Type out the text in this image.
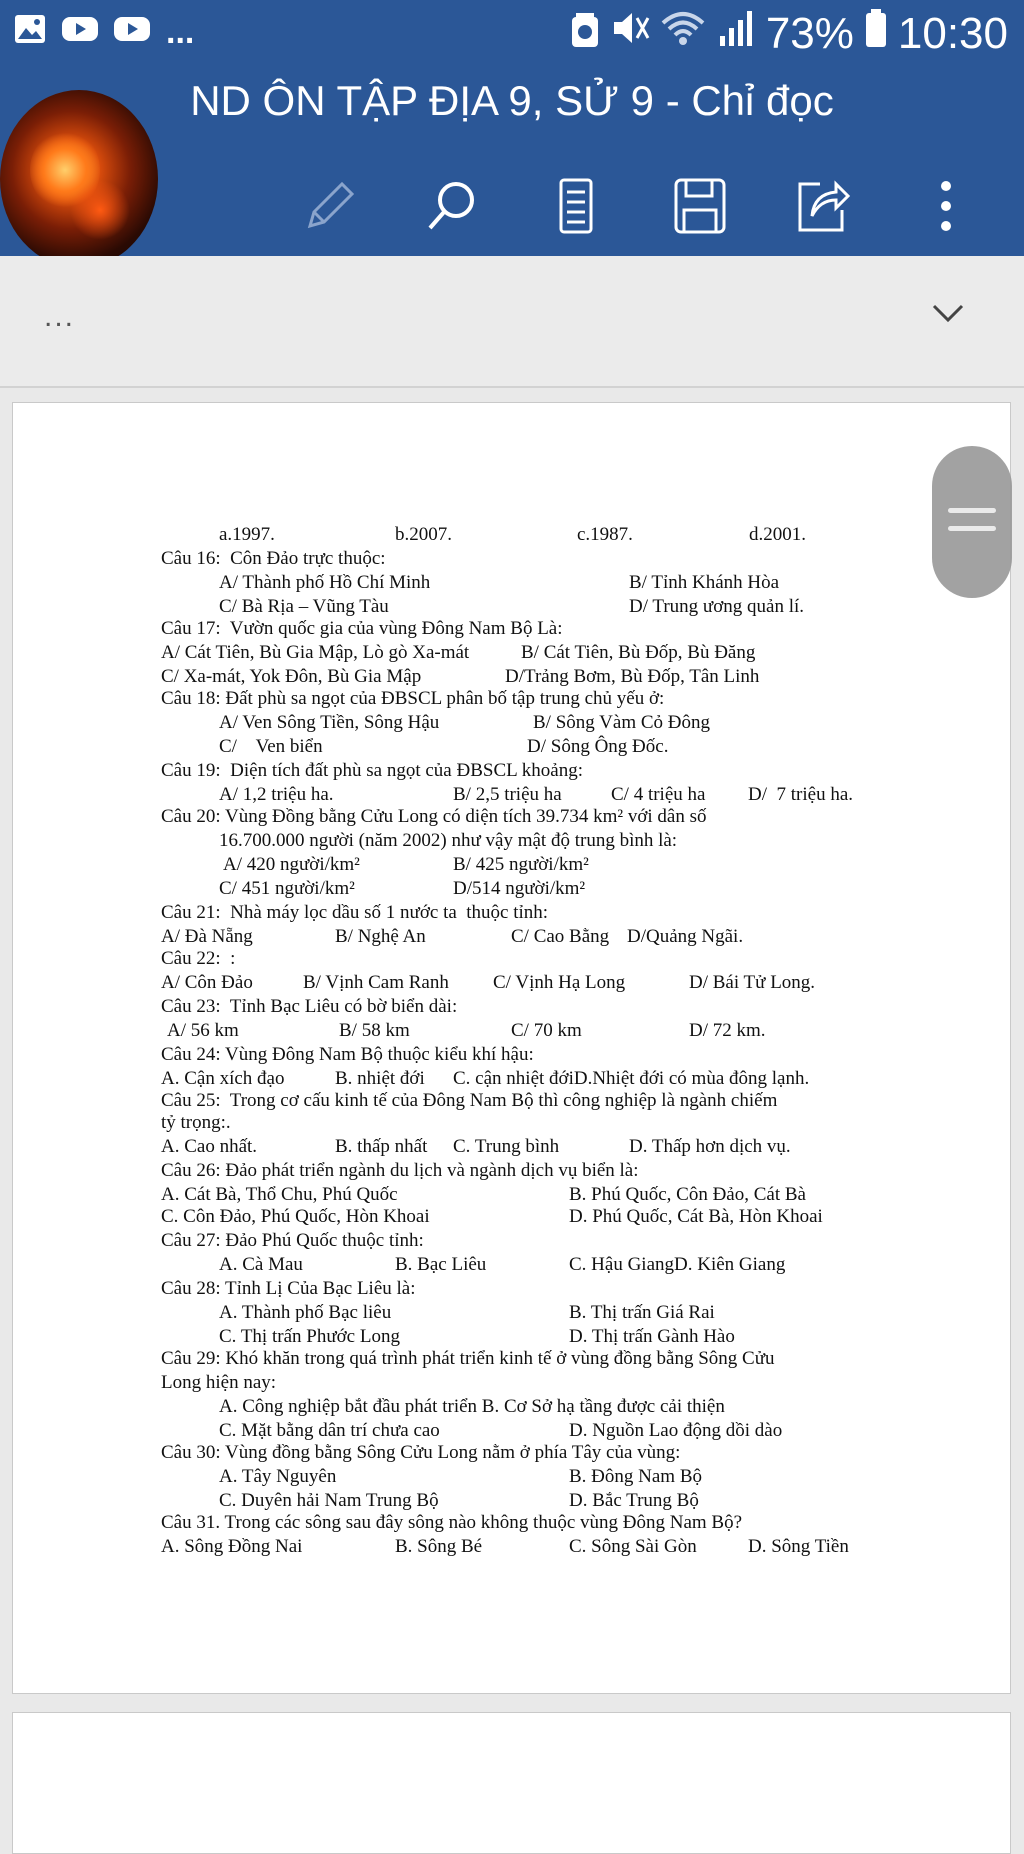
...	73% 10:30
ND ÔN TẬP ĐỊA 9, SỬ 9 - Chỉ đọc
...
a.1997.	b.2007.	c.1987.	d.2001.
Câu 16:  Côn Đảo trực thuộc:
A/ Thành phố Hồ Chí Minh	B/ Tỉnh Khánh Hòa
C/ Bà Rịa – Vũng Tàu	D/ Trung ương quản lí.
Câu 17:  Vườn quốc gia của vùng Đông Nam Bộ Là:
A/ Cát Tiên, Bù Gia Mập, Lò gò Xa-mát	B/ Cát Tiên, Bù Đốp, Bù Đăng
C/ Xa-mát, Yok Đôn, Bù Gia Mập	D/Trảng Bơm, Bù Đốp, Tân Linh
Câu 18: Đất phù sa ngọt của ĐBSCL phân bố tập trung chủ yếu ở:
A/ Ven Sông Tiền, Sông Hậu	B/ Sông Vàm Cỏ Đông
C/    Ven biển	D/ Sông Ông Đốc.
Câu 19:  Diện tích đất phù sa ngọt của ĐBSCL khoảng:
A/ 1,2 triệu ha.	B/ 2,5 triệu ha	C/ 4 triệu ha D/  7 triệu ha.
Câu 20: Vùng Đồng bằng Cửu Long có diện tích 39.734 km² với dân số
16.700.000 người (năm 2002) như vậy mật độ trung bình là:
A/ 420 người/km²	B/ 425 người/km²
C/ 451 người/km²	D/514 người/km²
Câu 21:  Nhà máy lọc dầu số 1 nước ta  thuộc tỉnh:
A/ Đà Nẵng	B/ Nghệ An	C/ Cao Bằng D/Quảng Ngãi.
Câu 22:  :
A/ Côn Đảo	B/ Vịnh Cam Ranh C/ Vịnh Hạ Long	D/ Bái Tử Long.
Câu 23:  Tỉnh Bạc Liêu có bờ biển dài:
A/ 56 km	B/ 58 km	C/ 70 km	D/ 72 km.
Câu 24: Vùng Đông Nam Bộ thuộc kiểu khí hậu:
A. Cận xích đạo	B. nhiệt đới C. cận nhiệt đớiD.Nhiệt đới có mùa đông lạnh.
Câu 25:  Trong cơ cấu kinh tế của Đông Nam Bộ thì công nghiệp là ngành chiếm
tỷ trọng:.
A. Cao nhất.	B. thấp nhất C. Trung bình	D. Thấp hơn dịch vụ.
Câu 26: Đảo phát triển ngành du lịch và ngành dịch vụ biển là:
A. Cát Bà, Thổ Chu, Phú Quốc	B. Phú Quốc, Côn Đảo, Cát Bà
C. Côn Đảo, Phú Quốc, Hòn Khoai	D. Phú Quốc, Cát Bà, Hòn Khoai
Câu 27: Đảo Phú Quốc thuộc tỉnh:
A. Cà Mau	B. Bạc Liêu	C. Hậu GiangD. Kiên Giang
Câu 28: Tỉnh Lị Của Bạc Liêu là:
A. Thành phố Bạc liêu	B. Thị trấn Giá Rai
C. Thị trấn Phước Long	D. Thị trấn Gành Hào
Câu 29: Khó khăn trong quá trình phát triển kinh tế ở vùng đồng bằng Sông Cửu
Long hiện nay:
A. Công nghiệp bắt đầu phát triển B. Cơ Sở hạ tầng được cải thiện
C. Mặt bằng dân trí chưa cao	D. Nguồn Lao động dồi dào
Câu 30: Vùng đồng bằng Sông Cửu Long nằm ở phía Tây của vùng:
A. Tây Nguyên	B. Đông Nam Bộ
C. Duyên hải Nam Trung Bộ	D. Bắc Trung Bộ
Câu 31. Trong các sông sau đây sông nào không thuộc vùng Đông Nam Bộ?
A. Sông Đồng Nai	B. Sông Bé	C. Sông Sài Gòn	D. Sông Tiền
